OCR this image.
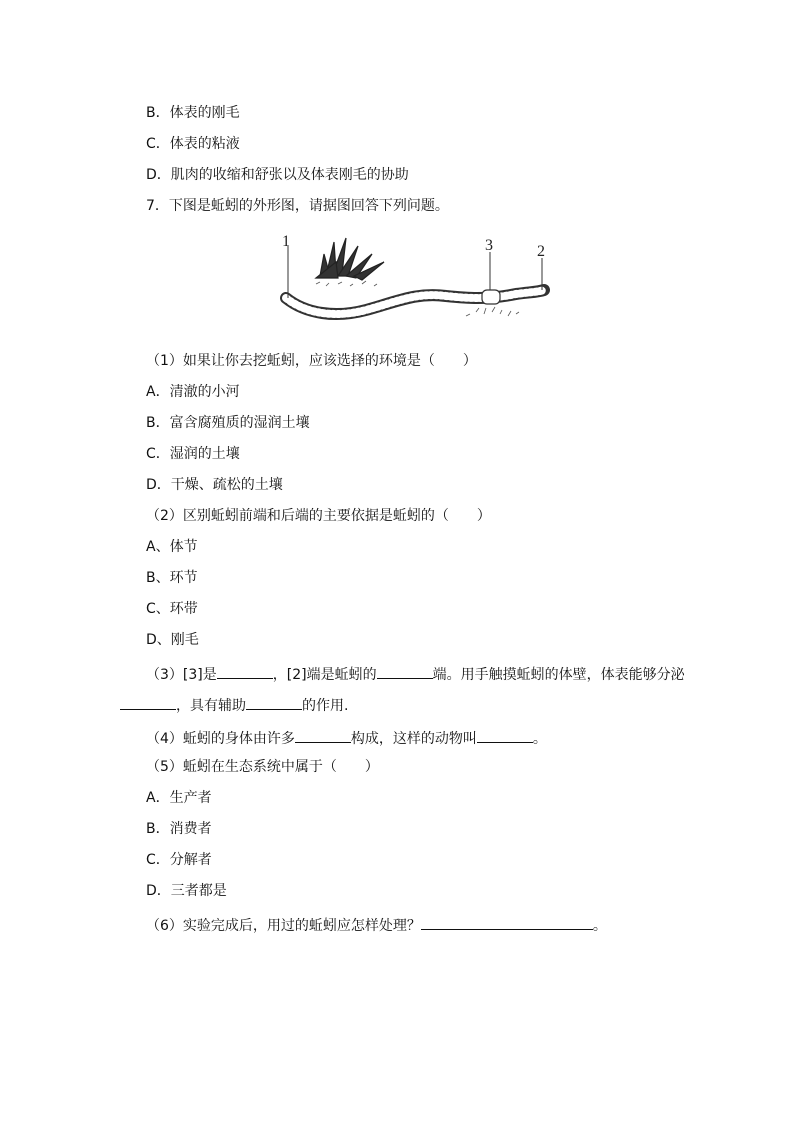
B．体表的刚毛
C．体表的粘液
D．肌肉的收缩和舒张以及体表刚毛的协助
7．下图是蚯蚓的外形图，请据图回答下列问题。
1	3	2
（1）如果让你去挖蚯蚓，应该选择的环境是（　　）
A．清澈的小河
B．富含腐殖质的湿润土壤
C．湿润的土壤
D．干燥、疏松的土壤
（2）区别蚯蚓前端和后端的主要依据是蚯蚓的（　　）
A、体节
B、环节
C、环带
D、刚毛
（3）[3]是	，[2]端是蚯蚓的	端。用手触摸蚯蚓的体壁，体表能够分泌
，具有辅助	的作用.
（4）蚯蚓的身体由许多	构成，这样的动物叫	。
（5）蚯蚓在生态系统中属于（　　）
A．生产者
B．消费者
C．分解者
D．三者都是
（6）实验完成后，用过的蚯蚓应怎样处理？	。
